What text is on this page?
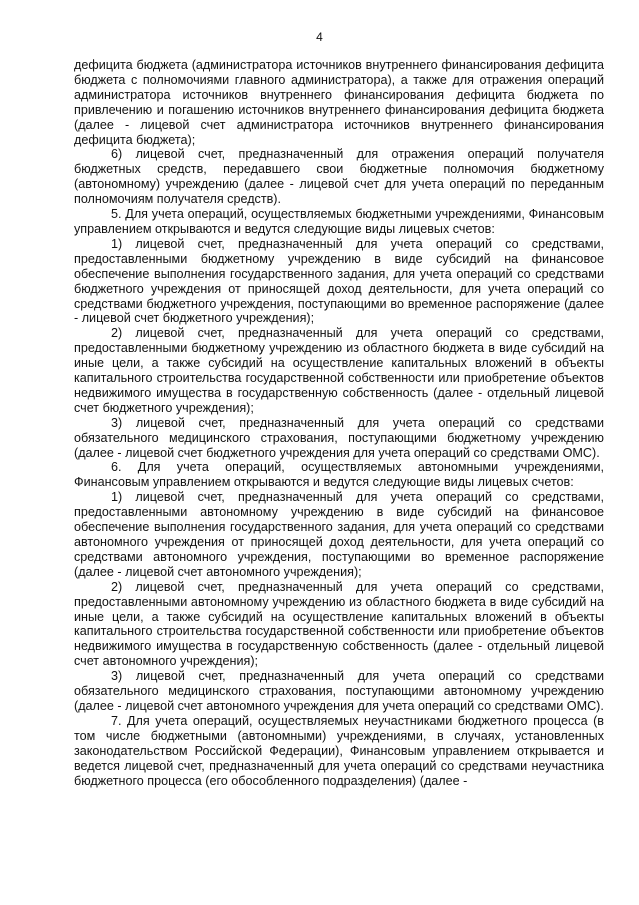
4

дефицита бюджета (администратора источников внутреннего финансирования дефицита бюджета с полномочиями главного администратора), а также для отражения операций администратора источников внутреннего финансирования дефицита бюджета по привлечению и погашению источников внутреннего финансирования дефицита бюджета (далее - лицевой счет администратора источников внутреннего финансирования дефицита бюджета);

6) лицевой счет, предназначенный для отражения операций получателя бюджетных средств, передавшего свои бюджетные полномочия бюджетному (автономному) учреждению (далее - лицевой счет для учета операций по переданным полномочиям получателя средств).

5. Для учета операций, осуществляемых бюджетными учреждениями, Финансовым управлением открываются и ведутся следующие виды лицевых счетов:

1) лицевой счет, предназначенный для учета операций со средствами, предоставленными бюджетному учреждению в виде субсидий на финансовое обеспечение выполнения государственного задания, для учета операций со средствами бюджетного учреждения от приносящей доход деятельности, для учета операций со средствами бюджетного учреждения, поступающими во временное распоряжение (далее - лицевой счет бюджетного учреждения);

2) лицевой счет, предназначенный для учета операций со средствами, предоставленными бюджетному учреждению из областного бюджета в виде субсидий на иные цели, а также субсидий на осуществление капитальных вложений в объекты капитального строительства государственной собственности или приобретение объектов недвижимого имущества в государственную собственность (далее - отдельный лицевой счет бюджетного учреждения);

3) лицевой счет, предназначенный для учета операций со средствами обязательного медицинского страхования, поступающими бюджетному учреждению (далее - лицевой счет бюджетного учреждения для учета операций со средствами ОМС).

6. Для учета операций, осуществляемых автономными учреждениями, Финансовым управлением открываются и ведутся следующие виды лицевых счетов:

1) лицевой счет, предназначенный для учета операций со средствами, предоставленными автономному учреждению в виде субсидий на финансовое обеспечение выполнения государственного задания, для учета операций со средствами автономного учреждения от приносящей доход деятельности, для учета операций со средствами автономного учреждения, поступающими во временное распоряжение (далее - лицевой счет автономного учреждения);

2) лицевой счет, предназначенный для учета операций со средствами, предоставленными автономному учреждению из областного бюджета в виде субсидий на иные цели, а также субсидий на осуществление капитальных вложений в объекты капитального строительства государственной собственности или приобретение объектов недвижимого имущества в государственную собственность (далее - отдельный лицевой счет автономного учреждения);

3) лицевой счет, предназначенный для учета операций со средствами обязательного медицинского страхования, поступающими автономному учреждению (далее - лицевой счет автономного учреждения для учета операций со средствами ОМС).

7. Для учета операций, осуществляемых неучастниками бюджетного процесса (в том числе бюджетными (автономными) учреждениями, в случаях, установленных законодательством Российской Федерации), Финансовым управлением открывается и ведется лицевой счет, предназначенный для учета операций со средствами неучастника бюджетного процесса (его обособленного подразделения) (далее -
